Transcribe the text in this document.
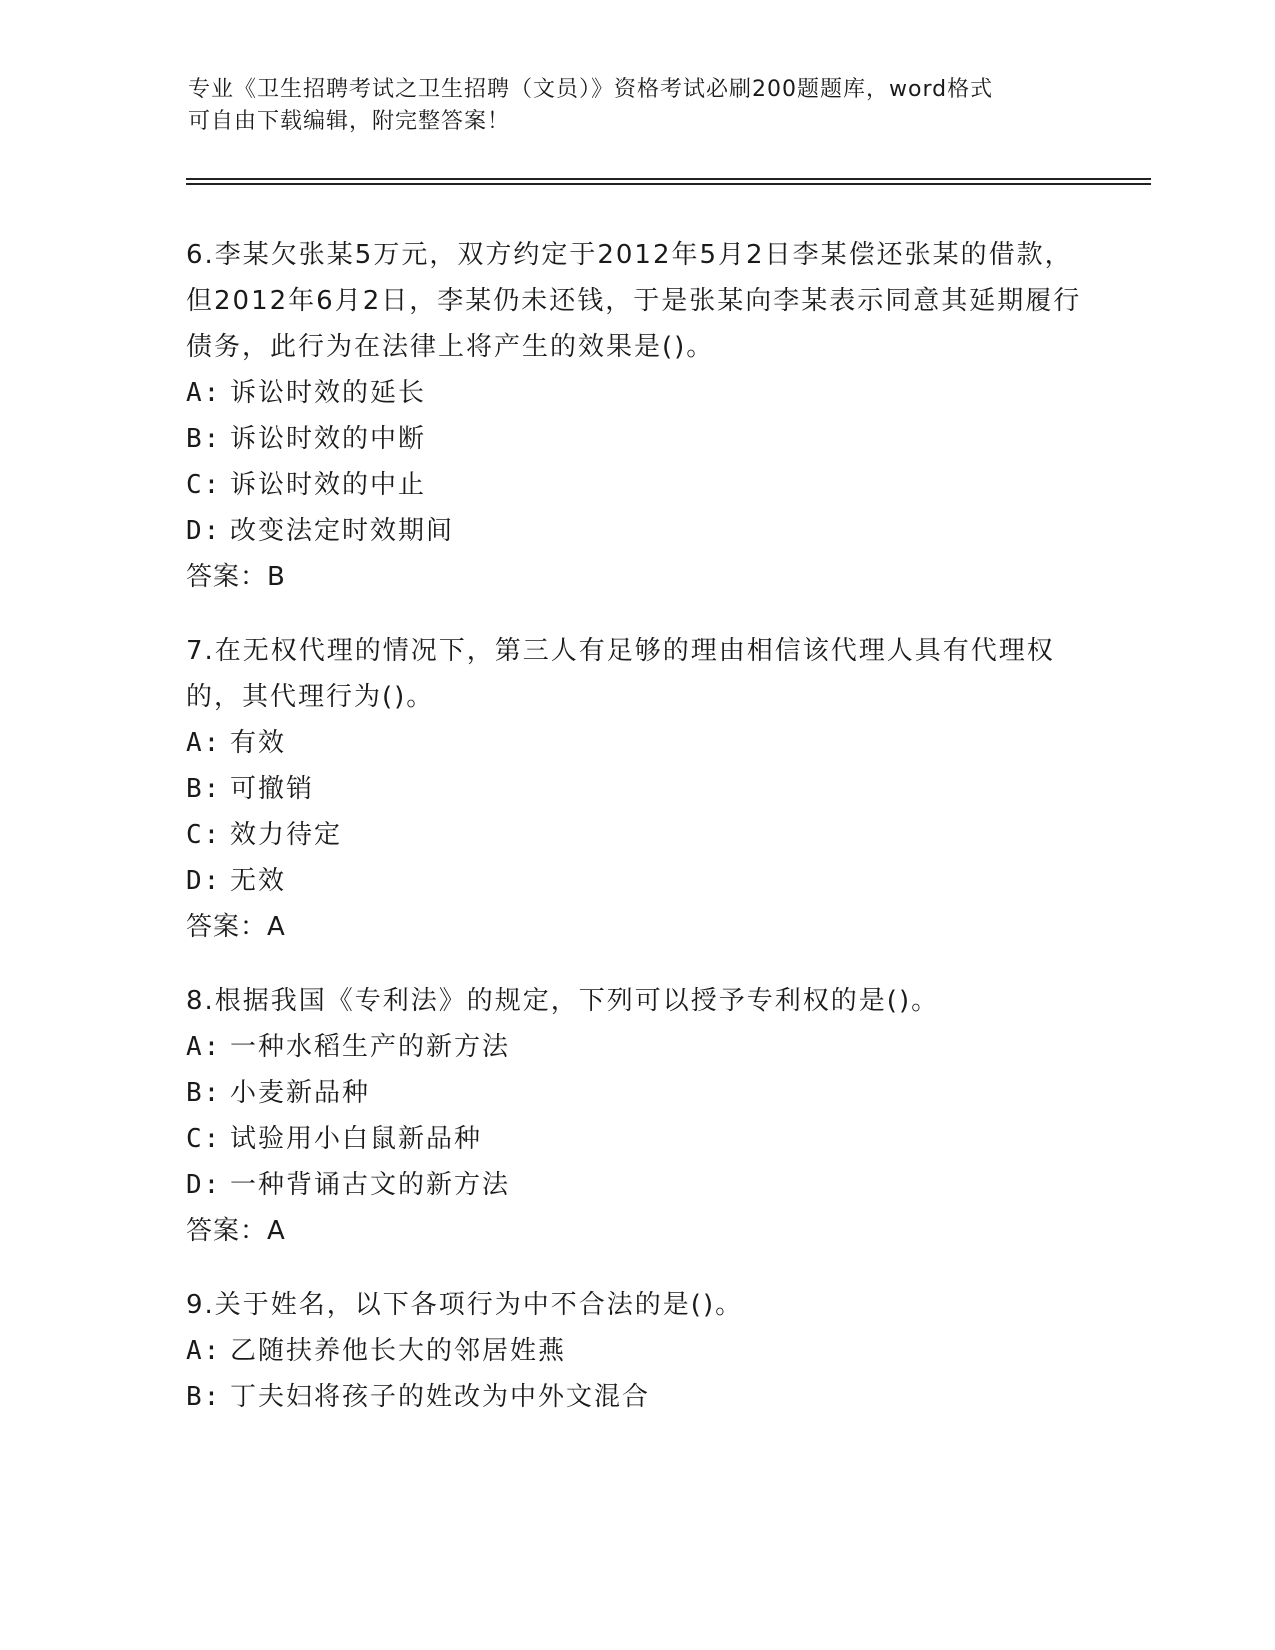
专业《卫生招聘考试之卫生招聘（文员）》资格考试必刷200题题库，word格式
可自由下载编辑，附完整答案！
6.李某欠张某5万元，双方约定于2012年5月2日李某偿还张某的借款，但2012年6月2日，李某仍未还钱，于是张某向李某表示同意其延期履行债务，此行为在法律上将产生的效果是()。
A: 诉讼时效的延长
B: 诉讼时效的中断
C: 诉讼时效的中止
D: 改变法定时效期间
答案：B
7.在无权代理的情况下，第三人有足够的理由相信该代理人具有代理权的，其代理行为()。
A: 有效
B: 可撤销
C: 效力待定
D: 无效
答案：A
8.根据我国《专利法》的规定，下列可以授予专利权的是()。
A: 一种水稻生产的新方法
B: 小麦新品种
C: 试验用小白鼠新品种
D: 一种背诵古文的新方法
答案：A
9.关于姓名，以下各项行为中不合法的是()。
A: 乙随扶养他长大的邻居姓燕
B: 丁夫妇将孩子的姓改为中外文混合
